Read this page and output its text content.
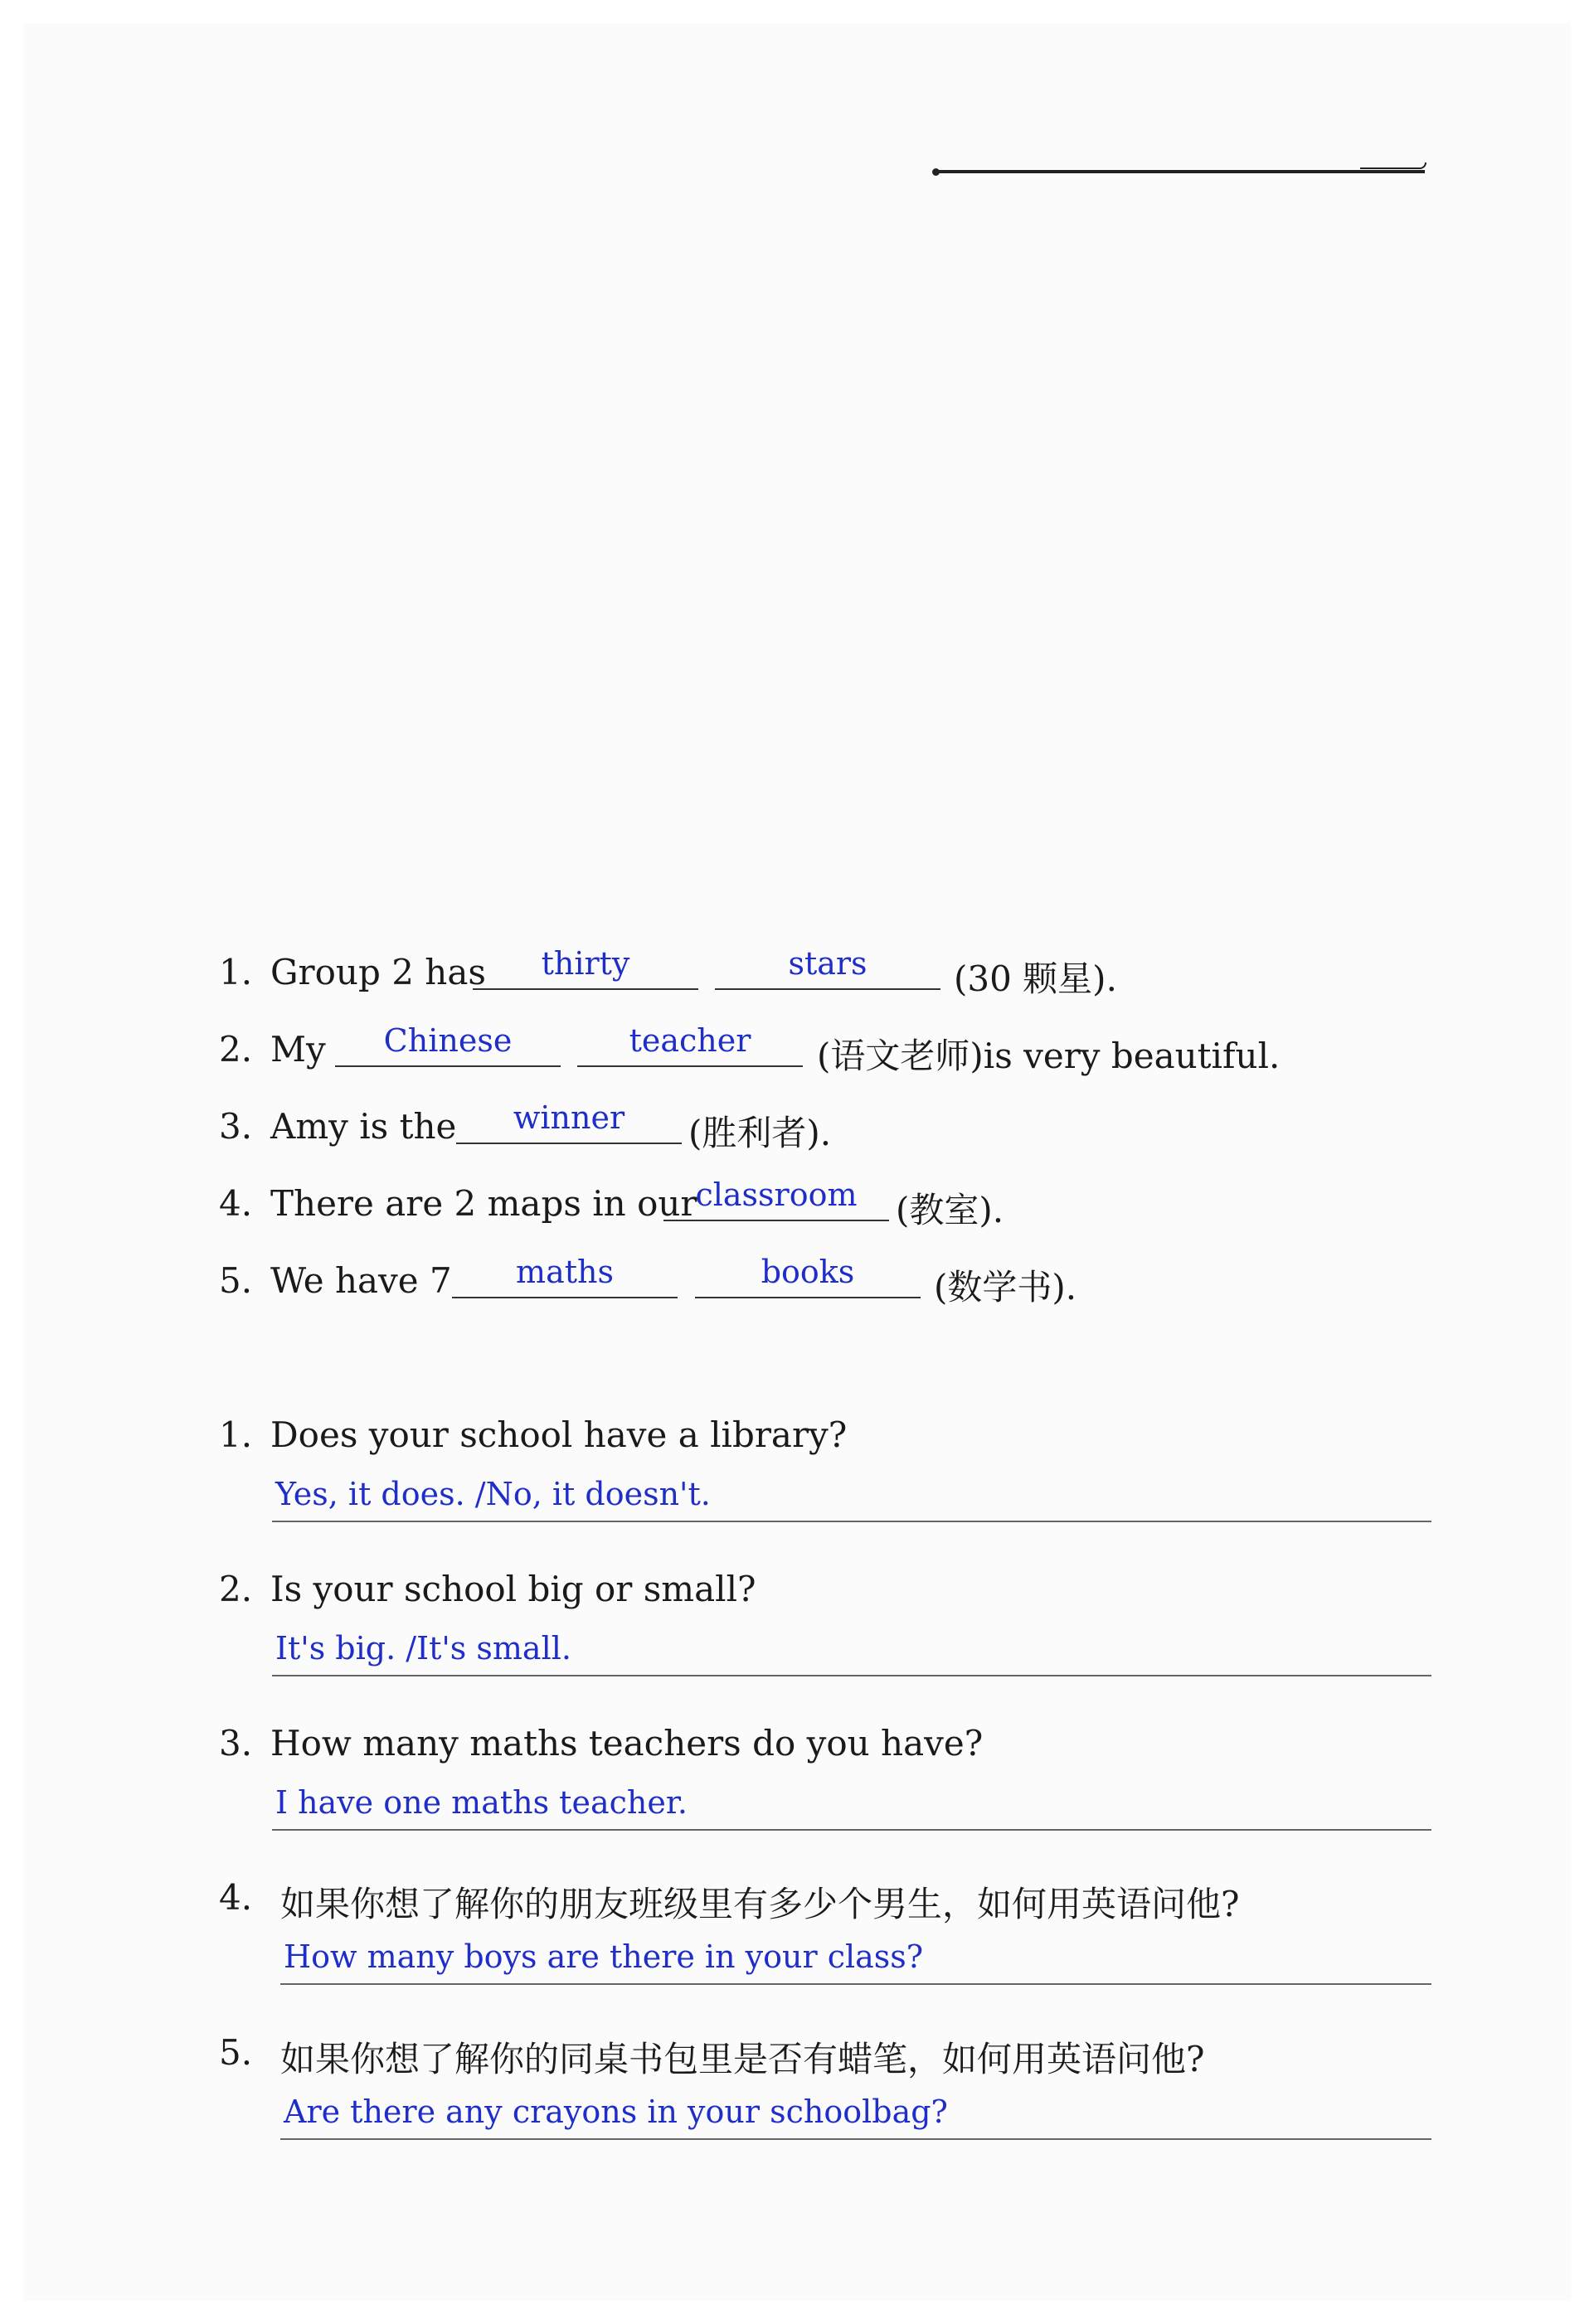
1. Group 2 has	thirty	stars	(30 颗星).
2. My	Chinese	teacher	(语文老师)is very beautiful.
3. Amy is the	winner	(胜利者).
4. There are 2 maps in our
classroom	(教室).
5. We have 7	maths	books	(数学书).
1. Does your school have a library?
Yes, it does. /No, it doesn't.
2. Is your school big or small?
It's big. /It's small.
3. How many maths teachers do you have?
I have one maths teacher.
4. 如果你想了解你的朋友班级里有多少个男生，如何用英语问他?
How many boys are there in your class?
5. 如果你想了解你的同桌书包里是否有蜡笔，如何用英语问他?
Are there any crayons in your schoolbag?
